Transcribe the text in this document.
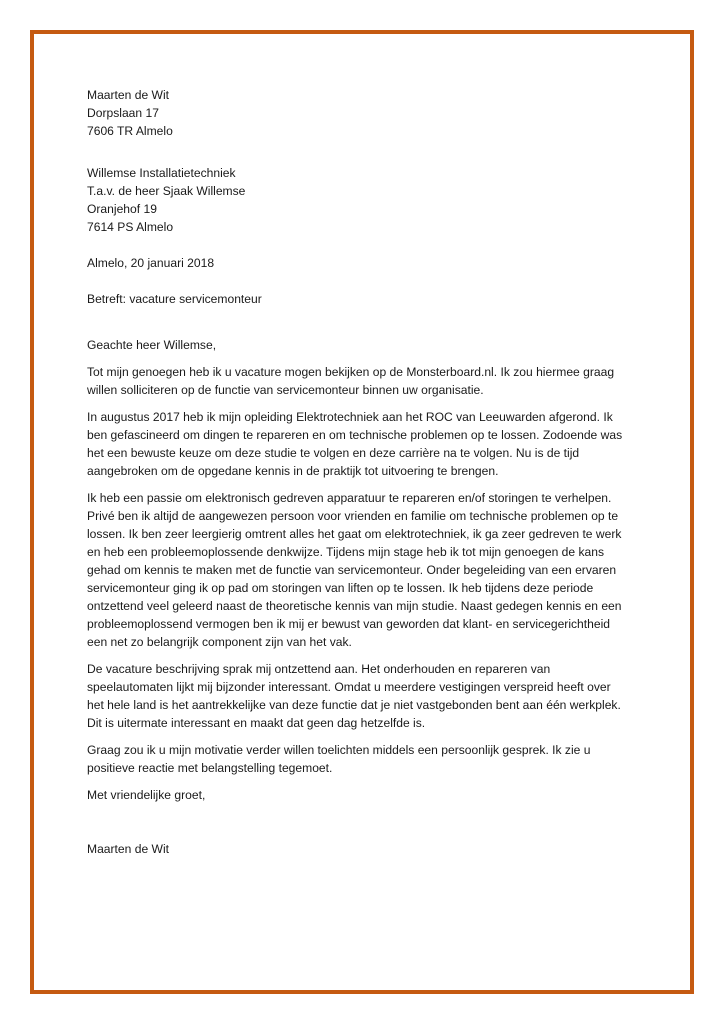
Maarten de Wit
Dorpslaan 17
7606 TR Almelo
Willemse Installatietechniek
T.a.v. de heer Sjaak Willemse
Oranjehof 19
7614 PS Almelo
Almelo, 20 januari 2018
Betreft: vacature servicemonteur
Geachte heer Willemse,
Tot mijn genoegen heb ik u vacature mogen bekijken op de Monsterboard.nl. Ik zou hiermee graag
willen solliciteren op de functie van servicemonteur binnen uw organisatie.
In augustus 2017 heb ik mijn opleiding Elektrotechniek aan het ROC van Leeuwarden afgerond. Ik
ben gefascineerd om dingen te repareren en om technische problemen op te lossen. Zodoende was
het een bewuste keuze om deze studie te volgen en deze carrière na te volgen. Nu is de tijd
aangebroken om de opgedane kennis in de praktijk tot uitvoering te brengen.
Ik heb een passie om elektronisch gedreven apparatuur te repareren en/of storingen te verhelpen.
Privé ben ik altijd de aangewezen persoon voor vrienden en familie om technische problemen op te
lossen. Ik ben zeer leergierig omtrent alles het gaat om elektrotechniek, ik ga zeer gedreven te werk
en heb een probleemoplossende denkwijze. Tijdens mijn stage heb ik tot mijn genoegen de kans
gehad om kennis te maken met de functie van servicemonteur. Onder begeleiding van een ervaren
servicemonteur ging ik op pad om storingen van liften op te lossen. Ik heb tijdens deze periode
ontzettend veel geleerd naast de theoretische kennis van mijn studie. Naast gedegen kennis en een
probleemoplossend vermogen ben ik mij er bewust van geworden dat klant- en servicegerichtheid
een net zo belangrijk component zijn van het vak.
De vacature beschrijving sprak mij ontzettend aan. Het onderhouden en repareren van
speelautomaten lijkt mij bijzonder interessant. Omdat u meerdere vestigingen verspreid heeft over
het hele land is het aantrekkelijke van deze functie dat je niet vastgebonden bent aan één werkplek.
Dit is uitermate interessant en maakt dat geen dag hetzelfde is.
Graag zou ik u mijn motivatie verder willen toelichten middels een persoonlijk gesprek. Ik zie u
positieve reactie met belangstelling tegemoet.
Met vriendelijke groet,
Maarten de Wit
